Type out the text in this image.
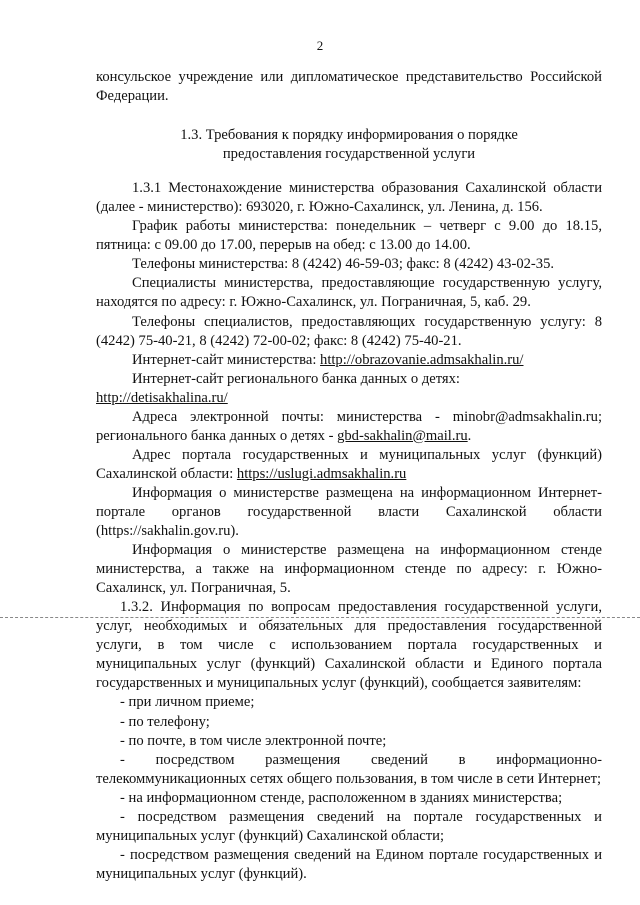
2

консульское учреждение или дипломатическое представительство Российской Федерации.

1.3. Требования к порядку информирования о порядке
предоставления государственной услуги

1.3.1 Местонахождение министерства образования Сахалинской области (далее - министерство): 693020, г. Южно-Сахалинск, ул. Ленина, д. 156.

График работы министерства: понедельник – четверг с 9.00 до 18.15, пятница: с 09.00 до 17.00, перерыв на обед: с 13.00 до 14.00.

Телефоны министерства: 8 (4242) 46-59-03; факс: 8 (4242) 43-02-35.

Специалисты министерства, предоставляющие государственную услугу, находятся по адресу: г. Южно-Сахалинск, ул. Пограничная, 5, каб. 29.

Телефоны специалистов, предоставляющих государственную услугу: 8 (4242) 75-40-21, 8 (4242) 72-00-02; факс: 8 (4242) 75-40-21.

Интернет-сайт министерства: http://obrazovanie.admsakhalin.ru/

Интернет-сайт регионального банка данных о детях:

http://detisakhalina.ru/

Адреса электронной почты: министерства - minobr@admsakhalin.ru; регионального банка данных о детях - gbd-sakhalin@mail.ru.

Адрес портала государственных и муниципальных услуг (функций) Сахалинской области: https://uslugi.admsakhalin.ru

Информация о министерстве размещена на информационном Интернет-портале органов государственной власти Сахалинской области (https://sakhalin.gov.ru).

Информация о министерстве размещена на информационном стенде министерства, а также на информационном стенде по адресу: г. Южно-Сахалинск, ул. Пограничная, 5.

1.3.2. Информация по вопросам предоставления государственной услуги, услуг, необходимых и обязательных для предоставления государственной услуги, в том числе с использованием портала государственных и муниципальных услуг (функций) Сахалинской области и Единого портала государственных и муниципальных услуг (функций), сообщается заявителям:

- при личном приеме;

- по телефону;

- по почте, в том числе электронной почте;

- посредством размещения сведений в информационно-телекоммуникационных сетях общего пользования, в том числе в сети Интернет;

- на информационном стенде, расположенном в зданиях министерства;

- посредством размещения сведений на портале государственных и муниципальных услуг (функций) Сахалинской области;

- посредством размещения сведений на Едином портале государственных и муниципальных услуг (функций).
